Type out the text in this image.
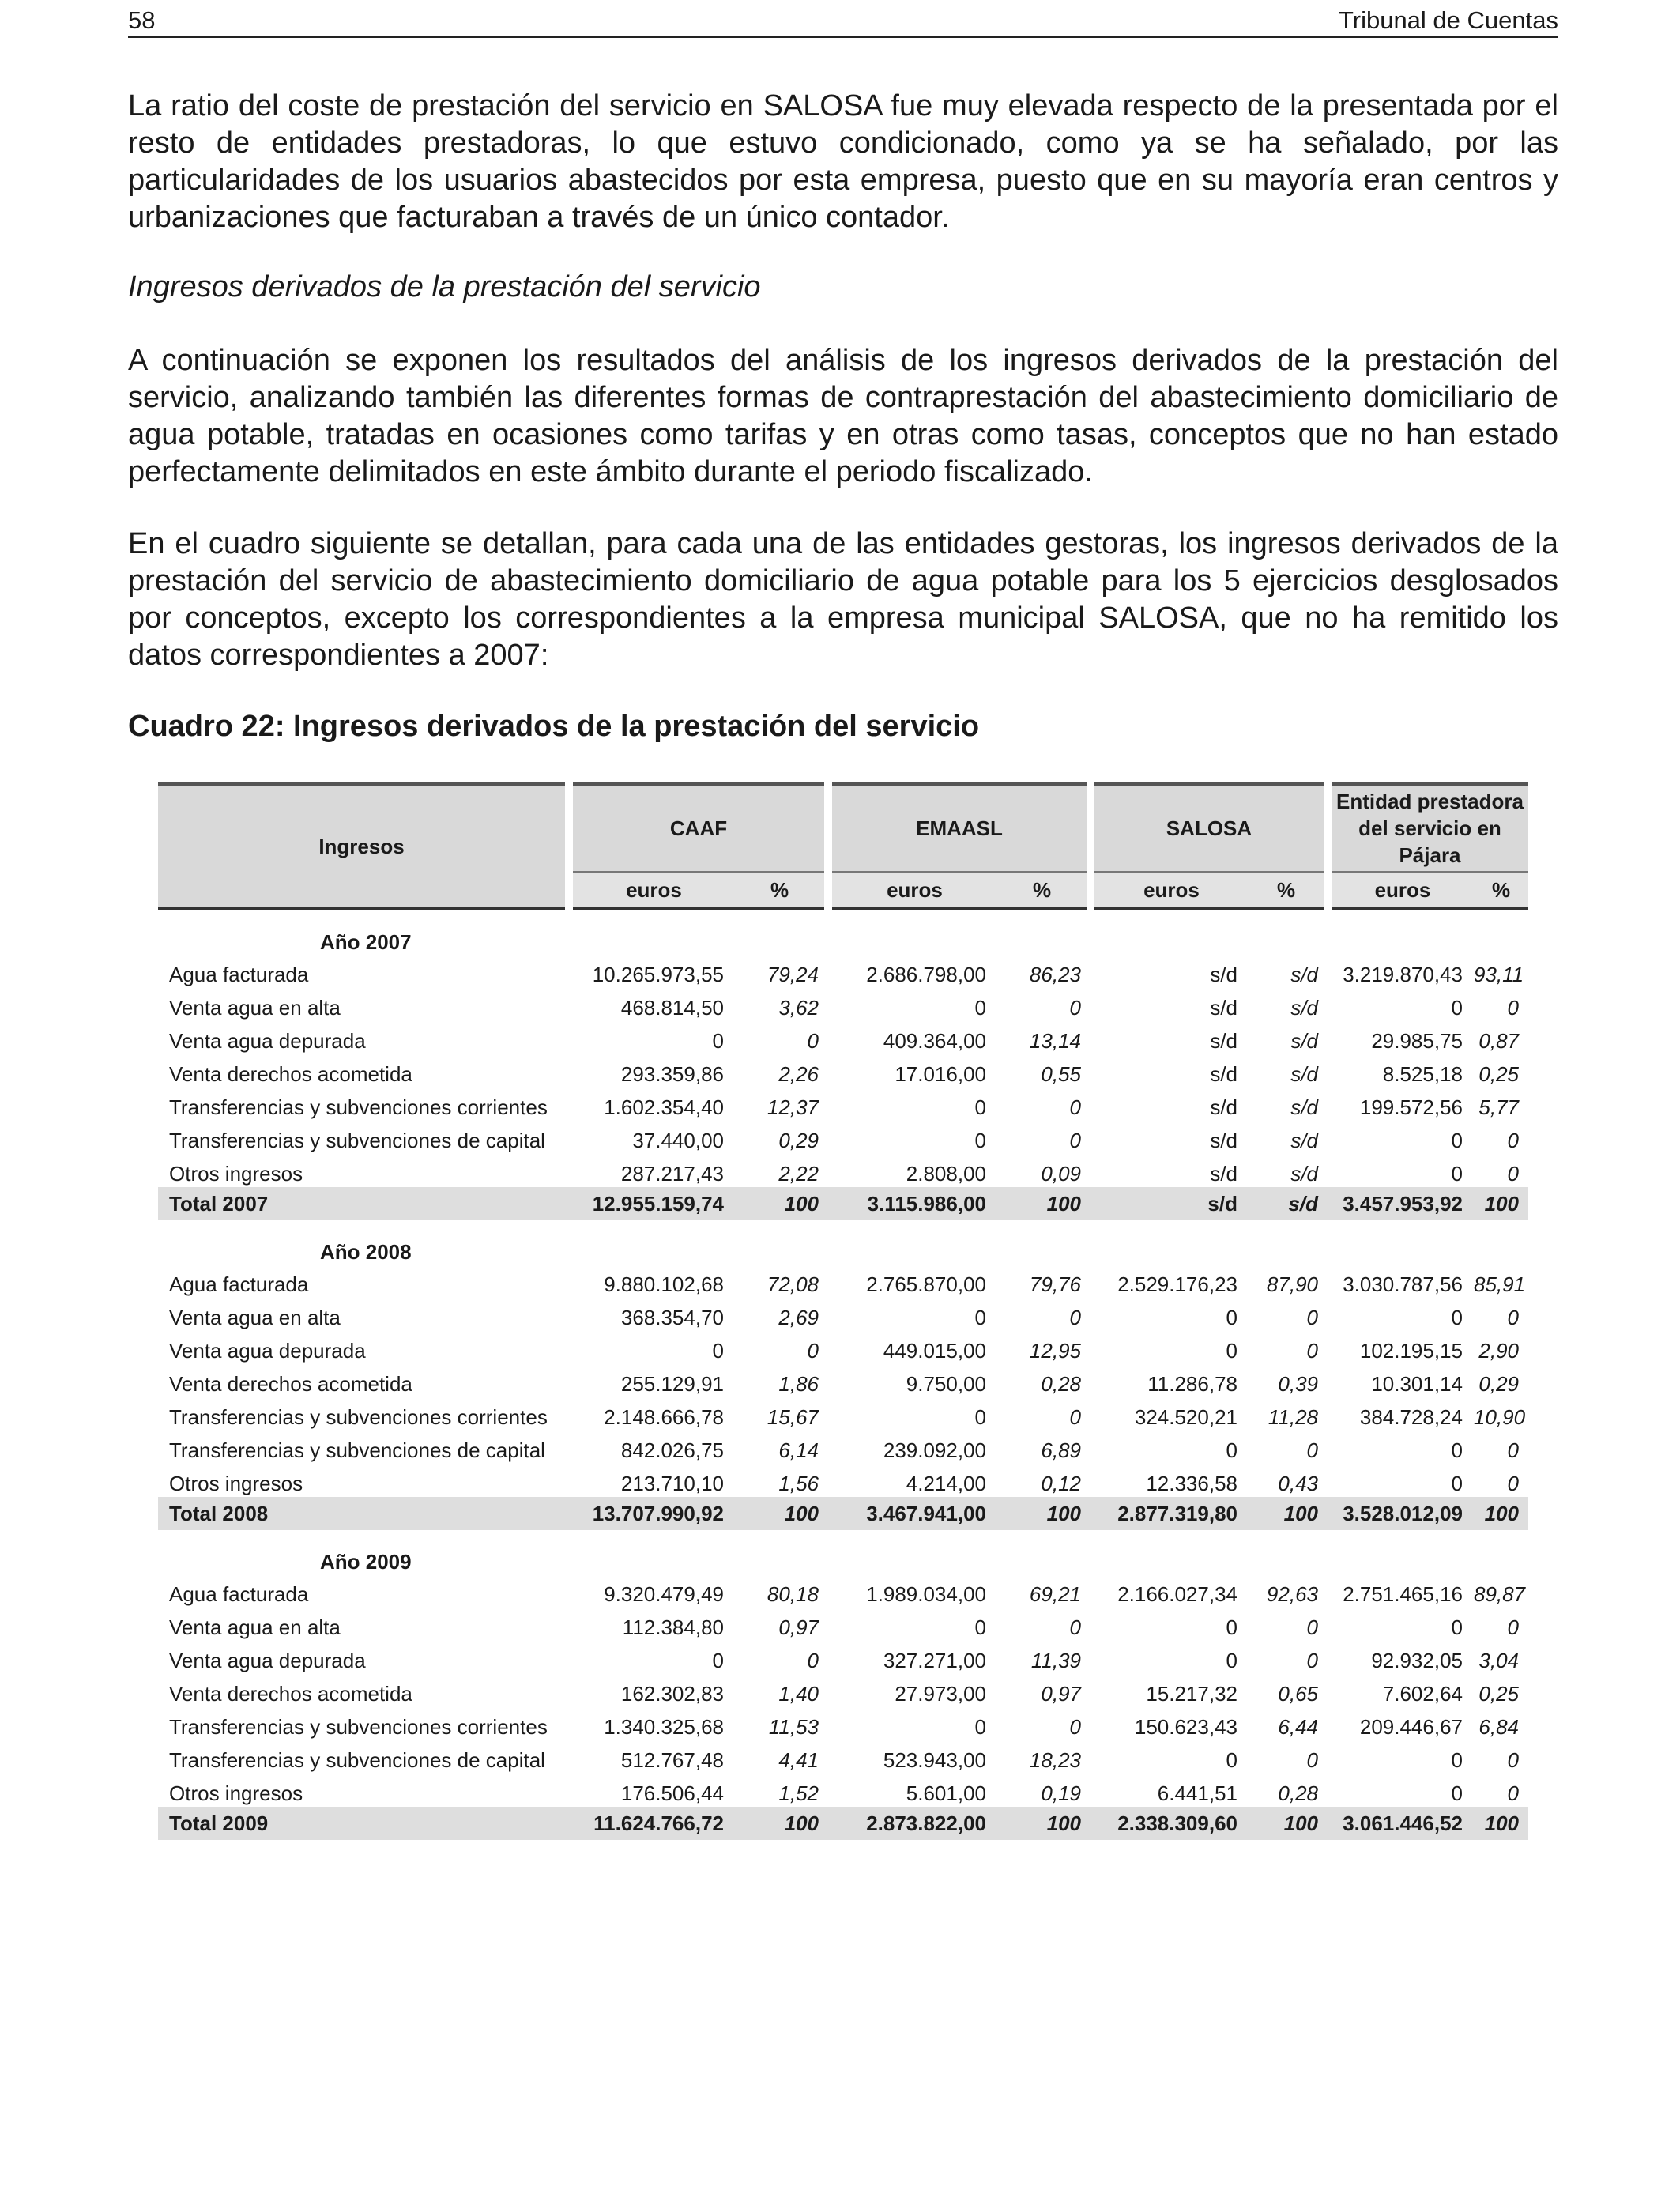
58	Tribunal de Cuentas

La ratio del coste de prestación del servicio en SALOSA fue muy elevada respecto de la presentada por el resto de entidades prestadoras, lo que estuvo condicionado, como ya se ha señalado, por las particularidades de los usuarios abastecidos por esta empresa, puesto que en su mayoría eran centros y urbanizaciones que facturaban a través de un único contador.

Ingresos derivados de la prestación del servicio

A continuación se exponen los resultados del análisis de los ingresos derivados de la prestación del servicio, analizando también las diferentes formas de contraprestación del abastecimiento domiciliario de agua potable, tratadas en ocasiones como tarifas y en otras como tasas, conceptos que no han estado perfectamente delimitados en este ámbito durante el periodo fiscalizado.

En el cuadro siguiente se detallan, para cada una de las entidades gestoras, los ingresos derivados de la prestación del servicio de abastecimiento domiciliario de agua potable para los 5 ejercicios desglosados por conceptos, excepto los correspondientes a la empresa municipal SALOSA, que no ha remitido los datos correspondientes a 2007:

Cuadro 22: Ingresos derivados de la prestación del servicio

Ingresos	CAAF		EMAASL		SALOSA		Entidad prestadora del servicio en Pájara	
	euros	%	euros	%	euros	%	euros	%
Año 2007								
Agua facturada	10.265.973,55	79,24	2.686.798,00	86,23	s/d	s/d	3.219.870,43	93,11
Venta agua en alta	468.814,50	3,62	0	0	s/d	s/d	0	0
Venta agua depurada	0	0	409.364,00	13,14	s/d	s/d	29.985,75	0,87
Venta derechos acometida	293.359,86	2,26	17.016,00	0,55	s/d	s/d	8.525,18	0,25
Transferencias y subvenciones corrientes	1.602.354,40	12,37	0	0	s/d	s/d	199.572,56	5,77
Transferencias y subvenciones de capital	37.440,00	0,29	0	0	s/d	s/d	0	0
Otros ingresos	287.217,43	2,22	2.808,00	0,09	s/d	s/d	0	0
Total 2007	12.955.159,74	100	3.115.986,00	100	s/d	s/d	3.457.953,92	100
Año 2008								
Agua facturada	9.880.102,68	72,08	2.765.870,00	79,76	2.529.176,23	87,90	3.030.787,56	85,91
Venta agua en alta	368.354,70	2,69	0	0	0	0	0	0
Venta agua depurada	0	0	449.015,00	12,95	0	0	102.195,15	2,90
Venta derechos acometida	255.129,91	1,86	9.750,00	0,28	11.286,78	0,39	10.301,14	0,29
Transferencias y subvenciones corrientes	2.148.666,78	15,67	0	0	324.520,21	11,28	384.728,24	10,90
Transferencias y subvenciones de capital	842.026,75	6,14	239.092,00	6,89	0	0	0	0
Otros ingresos	213.710,10	1,56	4.214,00	0,12	12.336,58	0,43	0	0
Total 2008	13.707.990,92	100	3.467.941,00	100	2.877.319,80	100	3.528.012,09	100
Año 2009								
Agua facturada	9.320.479,49	80,18	1.989.034,00	69,21	2.166.027,34	92,63	2.751.465,16	89,87
Venta agua en alta	112.384,80	0,97	0	0	0	0	0	0
Venta agua depurada	0	0	327.271,00	11,39	0	0	92.932,05	3,04
Venta derechos acometida	162.302,83	1,40	27.973,00	0,97	15.217,32	0,65	7.602,64	0,25
Transferencias y subvenciones corrientes	1.340.325,68	11,53	0	0	150.623,43	6,44	209.446,67	6,84
Transferencias y subvenciones de capital	512.767,48	4,41	523.943,00	18,23	0	0	0	0
Otros ingresos	176.506,44	1,52	5.601,00	0,19	6.441,51	0,28	0	0
Total 2009	11.624.766,72	100	2.873.822,00	100	2.338.309,60	100	3.061.446,52	100
